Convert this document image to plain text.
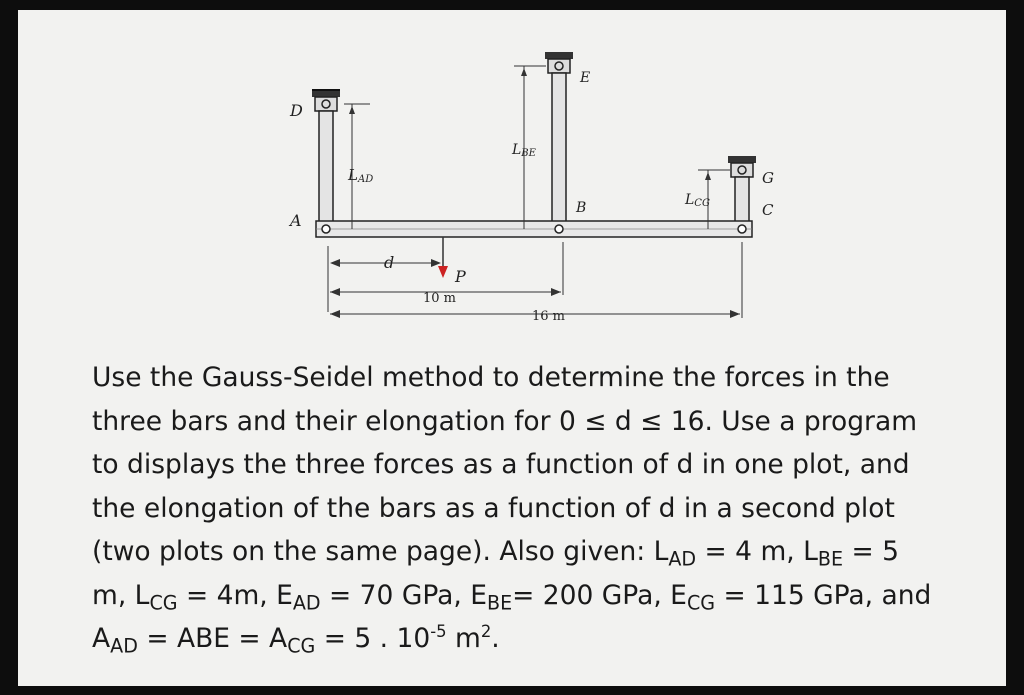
D
A
E
B
G
C
LAD
LBE
LCG
d
P
10 m
16 m

Use the Gauss-Seidel method to determine the forces in the
three bars and their elongation for 0 ≤ d ≤ 16. Use a program
to displays the three forces as a function of d in one plot, and
the elongation of the bars as a function of d in a second plot
(two plots on the same page). Also given: $L_{AD} = 4$ m, $L_{BE} = 5$
m, $L_{CG} = 4m$, $E_{AD} = 70$ GPa, $E_{BE}= 200$ GPa, $E_{CG} = 115$ GPa, and
$A_{AD}$ = ABE = $A_{CG} = 5$ . $10^{-5}$ $m^2$.
